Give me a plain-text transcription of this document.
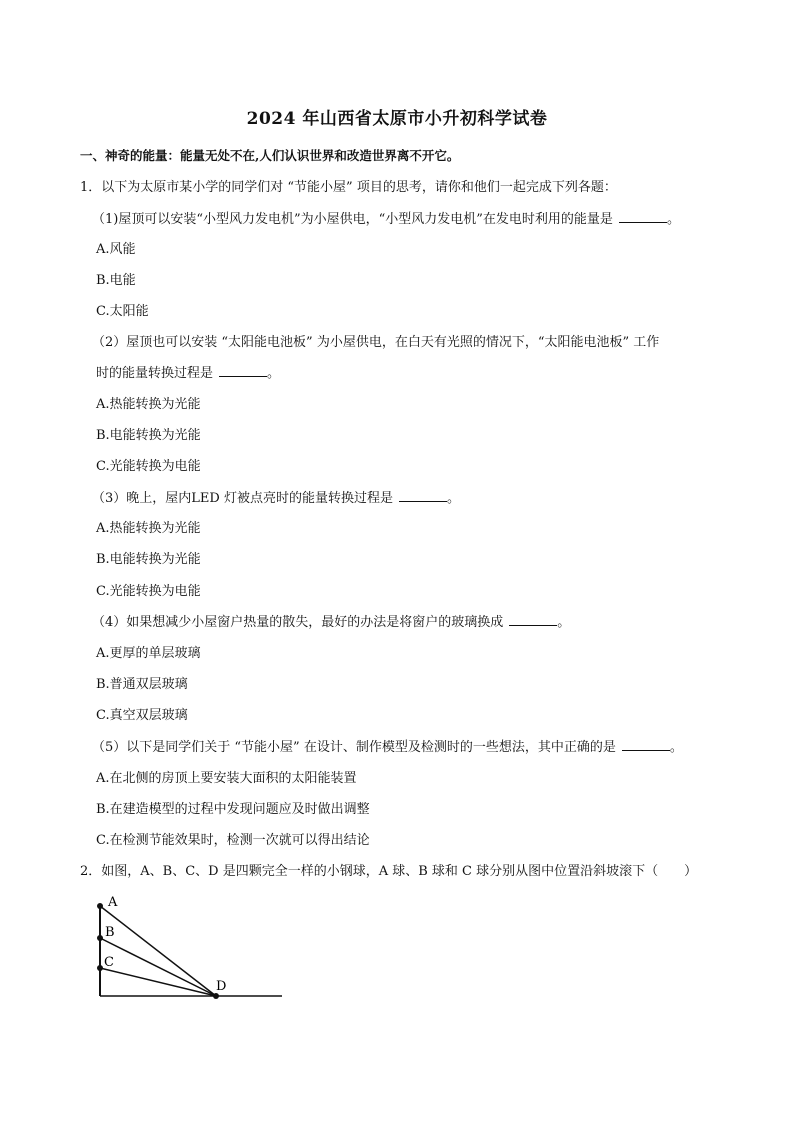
2024 年山西省太原市小升初科学试卷
一、神奇的能量：能量无处不在,人们认识世界和改造世界离不开它。
1．以下为太原市某小学的同学们对 “节能小屋” 项目的思考，请你和他们一起完成下列各题：
（1)屋顶可以安装“小型风力发电机”为小屋供电，“小型风力发电机”在发电时利用的能量是	。
A.风能
B.电能
C.太阳能
（2）屋顶也可以安装 “太阳能电池板” 为小屋供电，在白天有光照的情况下，“太阳能电池板” 工作
时的能量转换过程是	。
A.热能转换为光能
B.电能转换为光能
C.光能转换为电能
（3）晚上，屋内LED 灯被点亮时的能量转换过程是	。
A.热能转换为光能
B.电能转换为光能
C.光能转换为电能
（4）如果想减少小屋窗户热量的散失，最好的办法是将窗户的玻璃换成	。
A.更厚的单层玻璃
B.普通双层玻璃
C.真空双层玻璃
（5）以下是同学们关于 “节能小屋” 在设计、制作模型及检测时的一些想法，其中正确的是	。
A.在北侧的房顶上要安装大面积的太阳能装置
B.在建造模型的过程中发现问题应及时做出调整
C.在检测节能效果时，检测一次就可以得出结论
2．如图，A、B、C、D 是四颗完全一样的小钢球，A 球、B 球和 C 球分别从图中位置沿斜坡滚下（　　）
A
B
C
D
